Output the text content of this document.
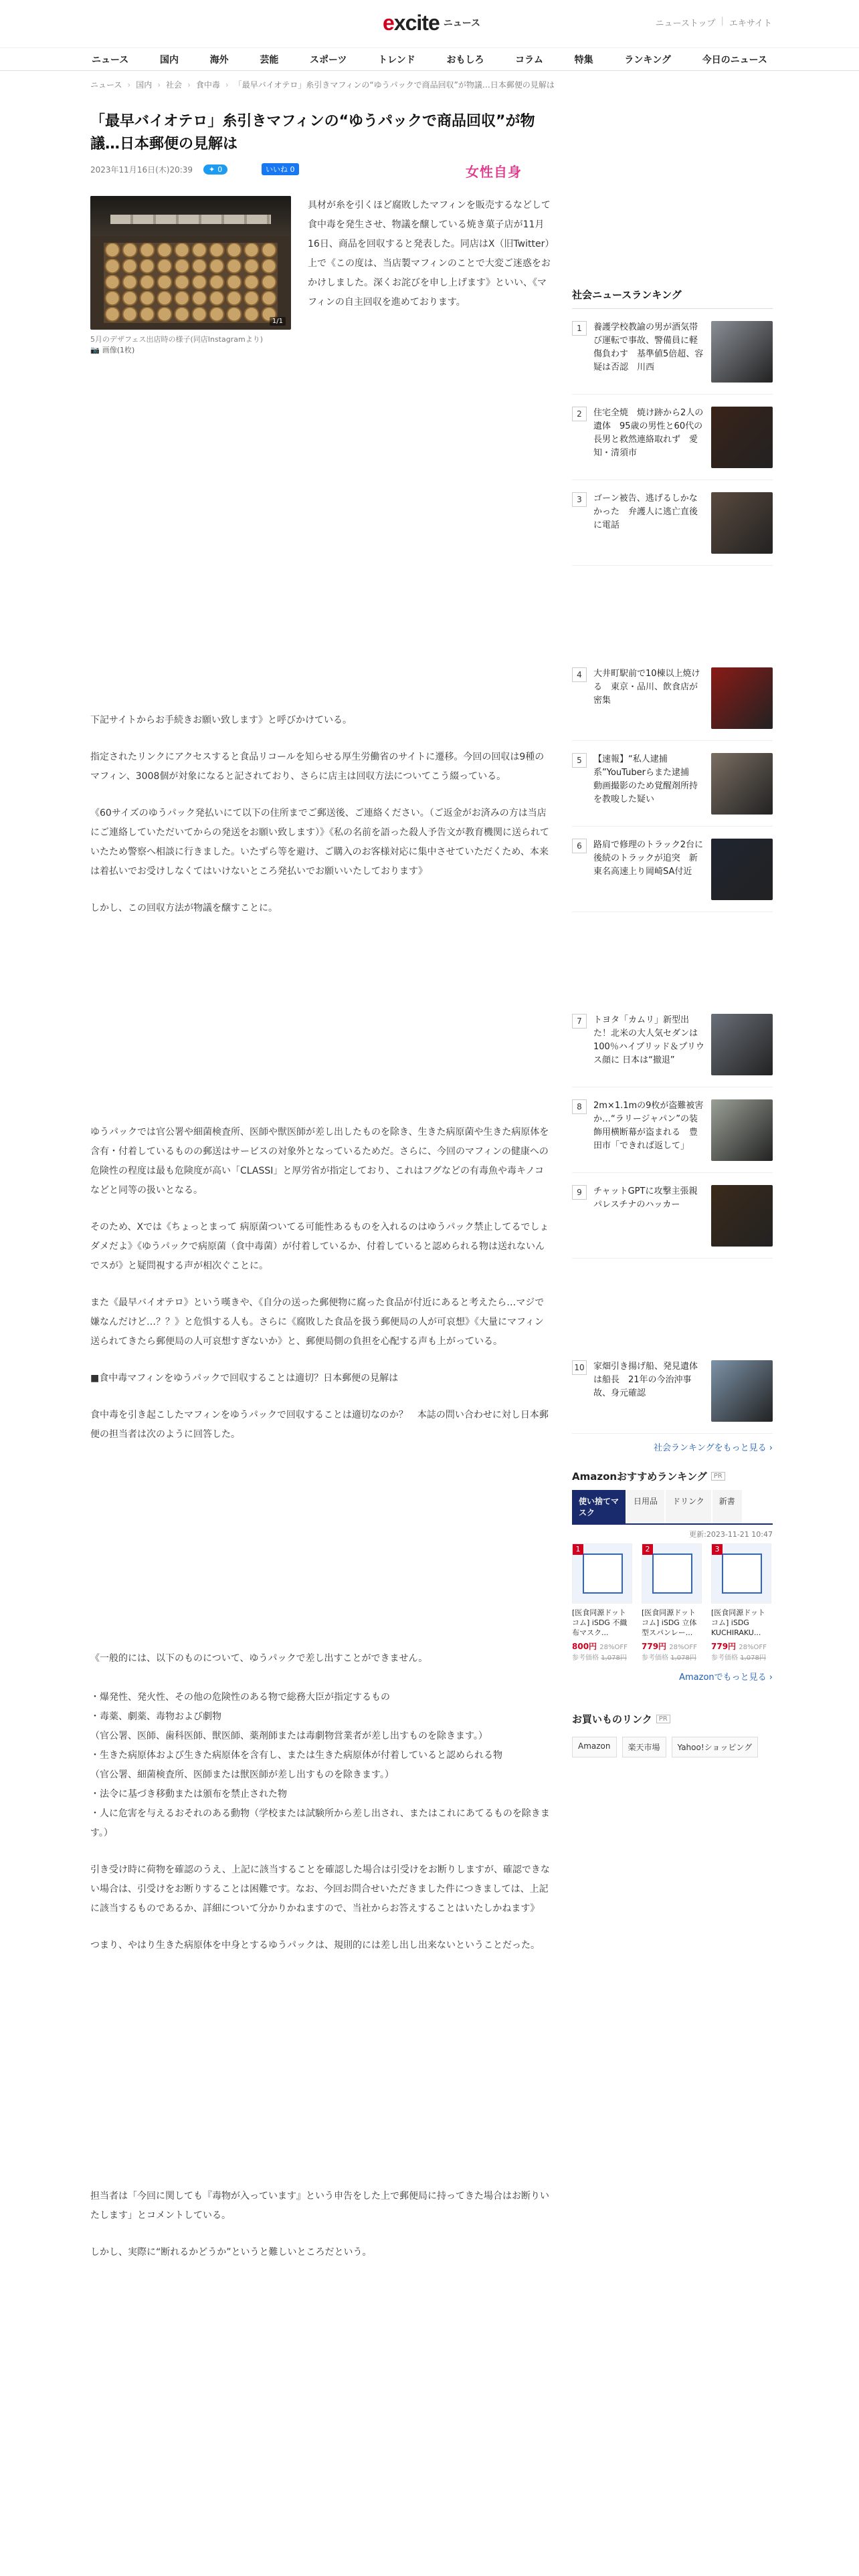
excite ニュース	ニューストップ | エキサイト
ニュース	国内	海外	芸能	スポーツ	トレンド	おもしろ	コラム	特集	ランキング	今日のニュース
ニュース › 国内 › 社会 › 食中毒 › 「最早バイオテロ」糸引きマフィンの“ゆうパックで商品回収”が物議…日本郵便の見解は
「最早バイオテロ」糸引きマフィンの“ゆうパックで商品回収”が物議…日本郵便の見解は
2023年11月16日(木)20:39 ✦ 0	いいね 0	女性自身
1/1
5月のデザフェス出店時の様子(同店Instagramより)
📷 画像(1枚)

具材が糸を引くほど腐敗したマフィンを販売するなどして食中毒を発生させ、物議を醸している焼き菓子店が11月16日、商品を回収すると発表した。同店はX（旧Twitter）上で《この度は、当店製マフィンのことで大変ご迷惑をおかけしました。深くお詫びを申し上げます》といい、《マフィンの自主回収を進めております。

下記サイトからお手続きお願い致します》と呼びかけている。

指定されたリンクにアクセスすると食品リコールを知らせる厚生労働省のサイトに遷移。今回の回収は9種のマフィン、3008個が対象になると記されており、さらに店主は回収方法についてこう綴っている。

《60サイズのゆうパック発払いにて以下の住所までご郵送後、ご連絡ください。（ご返金がお済みの方は当店にご連絡していただいてからの発送をお願い致します）》《私の名前を語った殺人予告文が教育機関に送られていたため警察へ相談に行きました。いたずら等を避け、ご購入のお客様対応に集中させていただくため、本来は着払いでお受けしなくてはいけないところ発払いでお願いいたしております》

しかし、この回収方法が物議を醸すことに。

ゆうパックでは官公署や細菌検査所、医師や獣医師が差し出したものを除き、生きた病原菌や生きた病原体を含有・付着しているものの郵送はサービスの対象外となっているためだ。さらに、今回のマフィンの健康への危険性の程度は最も危険度が高い「CLASSⅠ」と厚労省が指定しており、これはフグなどの有毒魚や毒キノコなどと同等の扱いとなる。

そのため、Xでは《ちょっとまって 病原菌ついてる可能性あるものを入れるのはゆうパック禁止してるでしょダメだよ》《ゆうパックで病原菌（食中毒菌）が付着しているか、付着していると認められる物は送れないんでスが》と疑問視する声が相次ぐことに。

また《最早バイオテロ》という嘆きや、《自分の送った郵便物に腐った食品が付近にあると考えたら…マジで嫌なんだけど…？？》と危惧する人も。さらに《腐敗した食品を扱う郵便局の人が可哀想》《大量にマフィン送られてきたら郵便局の人可哀想すぎないか》と、郵便局側の負担を心配する声も上がっている。

■食中毒マフィンをゆうパックで回収することは適切？日本郵便の見解は

食中毒を引き起こしたマフィンをゆうパックで回収することは適切なのか？　本誌の問い合わせに対し日本郵便の担当者は次のように回答した。

《一般的には、以下のものについて、ゆうパックで差し出すことができません。

・爆発性、発火性、その他の危険性のある物で総務大臣が指定するもの
・毒薬、劇薬、毒物および劇物
（官公署、医師、歯科医師、獣医師、薬剤師または毒劇物営業者が差し出すものを除きます。）
・生きた病原体および生きた病原体を含有し、または生きた病原体が付着していると認められる物
（官公署、細菌検査所、医師または獣医師が差し出すものを除きます。）
・法令に基づき移動または頒布を禁止された物
・人に危害を与えるおそれのある動物（学校または試験所から差し出され、またはこれにあてるものを除きます。）

引き受け時に荷物を確認のうえ、上記に該当することを確認した場合は引受けをお断りしますが、確認できない場合は、引受けをお断りすることは困難です。なお、今回お問合せいただきました件につきましては、上記に該当するものであるか、詳細について分かりかねますので、当社からお答えすることはいたしかねます》

つまり、やはり生きた病原体を中身とするゆうパックは、規則的には差し出し出来ないということだった。

担当者は「今回に関しても『毒物が入っています』という申告をした上で郵便局に持ってきた場合はお断りいたします」とコメントしている。

しかし、実際に“断れるかどうか”というと難しいところだという。

社会ニュースランキング
1	養護学校教諭の男が酒気帯び運転で事故、警備員に軽傷負わす　基準値5倍超、容疑は否認　川西
2	住宅全焼　焼け跡から2人の遺体　95歳の男性と60代の長男と救然連絡取れず　愛知・清須市
3	ゴーン被告、逃げるしかなかった　弁護人に逃亡直後に電話
4	大井町駅前で10棟以上焼ける　東京・品川、飲食店が密集
5	【速報】“私人逮捕系”YouTuberらまた逮捕　動画撮影のため覚醒剤所持を教唆した疑い
6	路肩で修理のトラック2台に後続のトラックが追突　新東名高速上り岡崎SA付近
7	トヨタ「カムリ」新型出た！北米の大人気セダンは100％ハイブリッド＆プリウス顔に 日本は“撤退”
8	2m×1.1mの9枚が盗難被害か…“ラリージャパン”の装飾用横断幕が盗まれる　豊田市「できれば返して」
9	チャットGPTに攻撃主張親パレスチナのハッカー
10 家畑引き揚げ船、発見遺体は船長　21年の今治沖事故、身元確認
社会ランキングをもっと見る ›
Amazonおすすめランキング	PR
使い捨てマスク
日用品	ドリンク	新書
更新:2023-11-21 10:47
1
[医食同源ドットコム] iSDG 不織布マスク...
800円 28%OFF
参考価格 1,078円
2
[医食同源ドットコム] iSDG 立体型スパンレー...
779円 28%OFF
参考価格 1,078円
3
[医食同源ドットコム] iSDG KUCHIRAKU...
779円 28%OFF
参考価格 1,078円
Amazonでもっと見る ›
お買いものリンク	PR
Amazon	楽天市場	Yahoo!ショッピング
